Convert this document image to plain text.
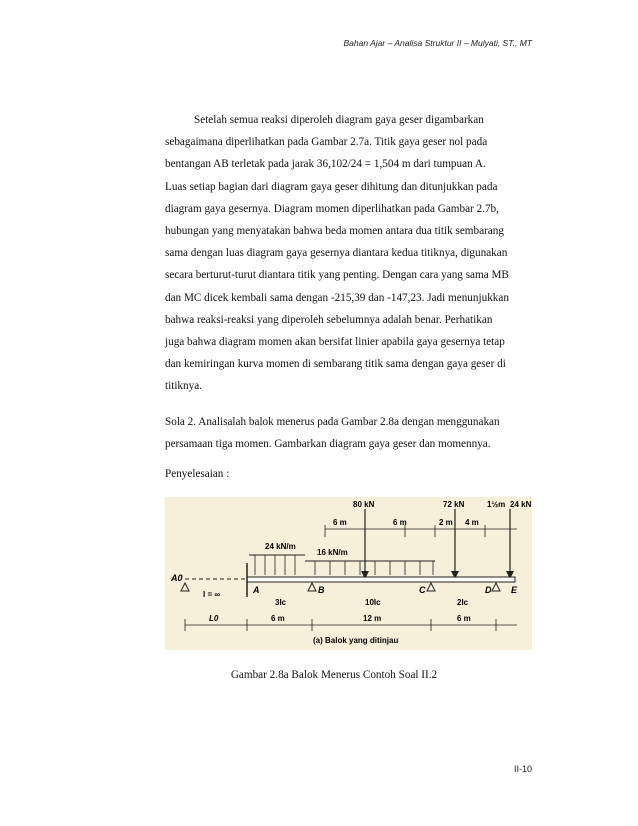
Bahan Ajar – Analisa Struktur II – Mulyati, ST., MT

Setelah semua reaksi diperoleh diagram gaya geser digambarkan

sebagaimana diperlihatkan pada Gambar 2.7a. Titik gaya geser nol pada

bentangan AB terletak pada jarak 36,102/24 = 1,504 m dari tumpuan A.

Luas setiap bagian dari diagram gaya geser dihitung dan ditunjukkan pada

diagram gaya gesernya. Diagram momen diperlihatkan pada Gambar 2.7b,

hubungan yang menyatakan bahwa beda momen antara dua titik sembarang

sama dengan luas diagram gaya gesernya diantara kedua titiknya, digunakan

secara berturut-turut diantara titik yang penting. Dengan cara yang sama MB

dan MC dicek kembali sama dengan -215,39 dan -147,23. Jadi menunjukkan

bahwa reaksi-reaksi yang diperoleh sebelumnya adalah benar. Perhatikan

juga bahwa diagram momen akan bersifat linier apabila gaya gesernya tetap

dan kemiringan kurva momen di sembarang titik sama dengan gaya geser di

titiknya.

Sola 2. Analisalah balok menerus pada Gambar 2.8a dengan menggunakan

persamaan tiga momen. Gambarkan diagram gaya geser dan momennya.

Penyelesaian :

80 kN	72 kN	1½m 24 kN
6 m	6 m	2 m 4 m
24 kN/m
16 kN/m
A0
A	B	C	D E
I = ∞
3Ic	10Ic	2Ic
L0	6 m	12 m	6 m
(a) Balok yang ditinjau
Gambar 2.8a Balok Menerus Contoh Soal II.2
II-10
